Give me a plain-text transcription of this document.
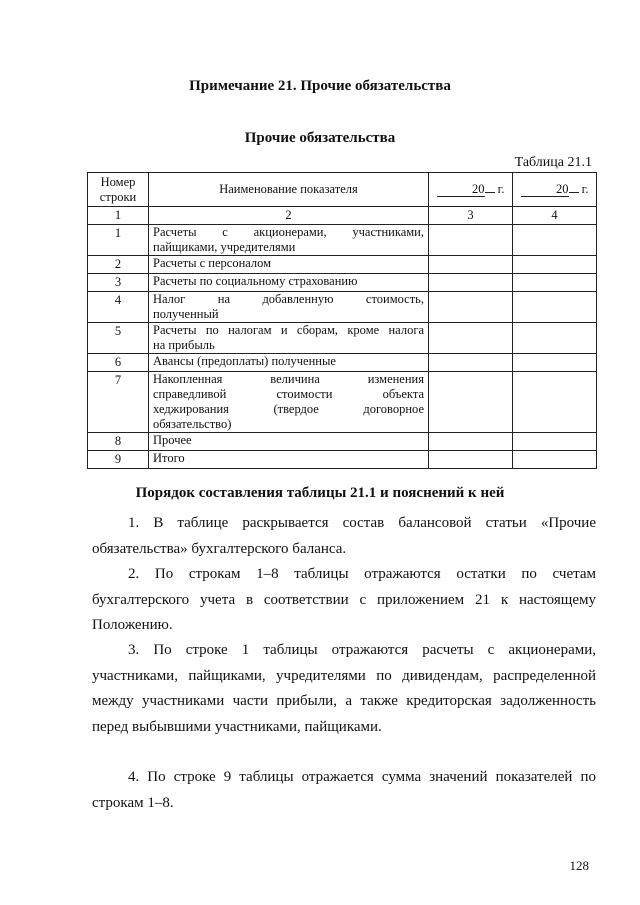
Примечание 21. Прочие обязательства

Прочие обязательства

Таблица 21.1
Номер
строки	Наименование показателя	20 г.	20 г.
1	2	3	4
1	Расчеты с акционерами, участниками,
пайщиками, учредителями		

2	Расчеты с персоналом		

3	Расчеты по социальному страхованию		

4	Налог на добавленную стоимость,
полученный		

5	Расчеты по налогам и сборам, кроме налога
на прибыль		

6	Авансы (предоплаты) полученные		

7	Накопленная величина изменения
справедливой стоимости объекта
хеджирования (твердое договорное
обязательство)		

8	Прочее		

9	Итого		

Порядок составления таблицы 21.1 и пояснений к ней

1. В таблице раскрывается состав балансовой статьи «Прочие
обязательства» бухгалтерского баланса.

2. По строкам 1–8 таблицы отражаются остатки по счетам
бухгалтерского учета в соответствии с приложением 21 к настоящему
Положению.

3. По строке 1 таблицы отражаются расчеты с акционерами,
участниками, пайщиками, учредителями по дивидендам, распределенной
между участниками части прибыли, а также кредиторская задолженность
перед выбывшими участниками, пайщиками.

4. По строке 9 таблицы отражается сумма значений показателей по
строкам 1–8.

128
